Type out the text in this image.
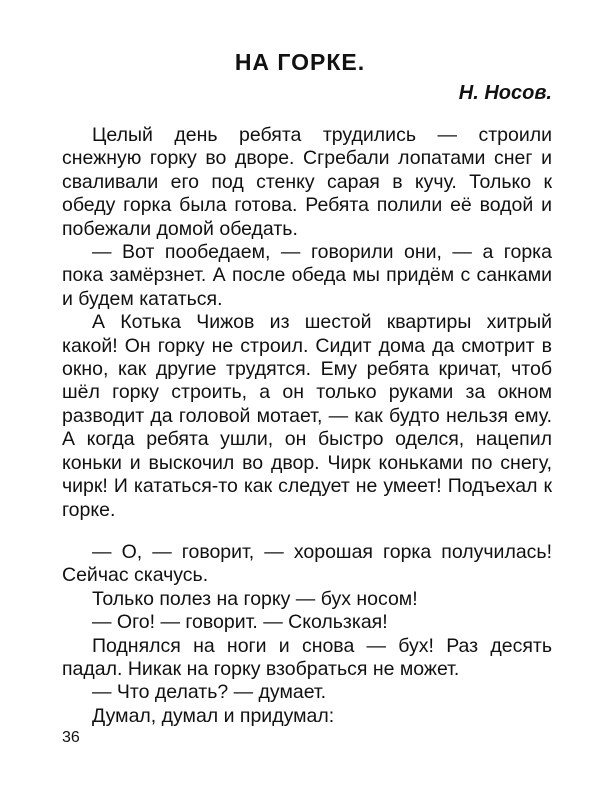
НА ГОРКЕ.

Н. Носов.

Целый день ребята трудились — строили снежную горку во дворе. Сгребали лопатами снег и сваливали его под стенку сарая в кучу. Только к обеду горка была готова. Ребята полили её водой и побежали домой обедать.

— Вот пообедаем, — говорили они, — а горка пока замёрзнет. А после обеда мы придём с санками и будем кататься.

А Котька Чижов из шестой квартиры хитрый какой! Он горку не строил. Сидит дома да смотрит в окно, как другие трудятся. Ему ребята кричат, чтоб шёл горку строить, а он только руками за окном разводит да головой мотает, — как будто нельзя ему. А когда ребята ушли, он быстро оделся, нацепил коньки и выскочил во двор. Чирк коньками по снегу, чирк! И кататься-то как следует не умеет! Подъехал к горке.

— О, — говорит, — хорошая горка получилась! Сейчас скачусь.

Только полез на горку — бух носом!

— Ого! — говорит. — Скользкая!

Поднялся на ноги и снова — бух! Раз десять падал. Никак на горку взобраться не может.

— Что делать? — думает.

Думал, думал и придумал:

36
